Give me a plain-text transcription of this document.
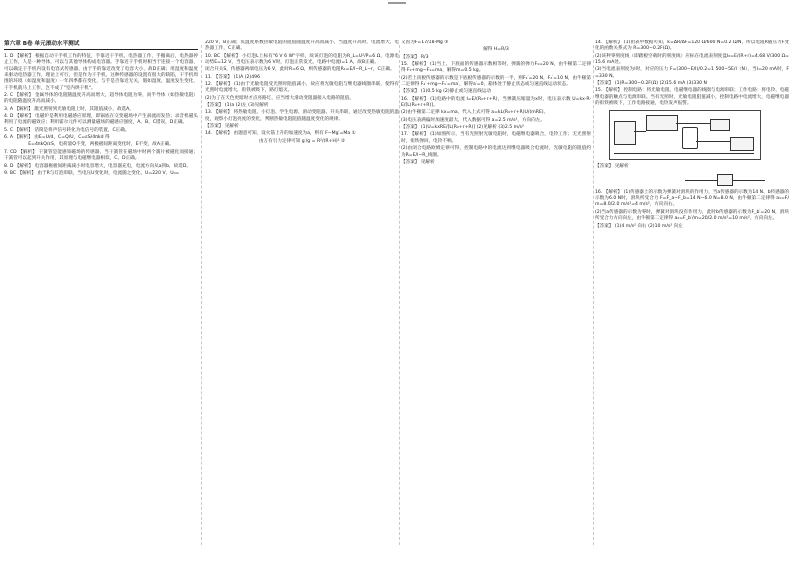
第六章 B卷 单元滚动水平测试

1. D 【解析】 根据自动干手机工作的特征，手靠近干手机，电热器工作，手撤离后，电热器停止工作，人是一种导体，可以与其他导体构成电容器。手靠近干手机时相当于连接一个电容器，可以确定干手机内设有电容式传感器，由于手的靠近改变了电容大小，故D正确；用湿度和温度来驱动电热器工作，理论上可行，但是作为干手机，这种传感器的设置有很大的缺陷，干手机周围的环境（如湿度和温度）一年四季都在变化，与手是否靠近无关，假如湿度、温度发生变化，干手机就马上工作，岂不成了"室内烘干机"。

2. C 【解析】 金属导体的电阻随温度升高而增大，超导体电阻为零，而半导体（如热敏电阻）的电阻随温度升高而减小。

3. A 【解析】 激光照射到光敏电阻上时，其阻值减小，故选A。

4. D 【解析】 电磁炉是利用电磁感应原理，即锅底在交变磁场中产生涡流而发热；录音机磁头利用了电流的磁效应；利用霍尔元件可以测量磁场的磁感应强度，A、B、C错误，D正确。

5. C 【解析】 话筒是将声信号转化为电信号的装置，C正确。

6. A 【解析】 由E=U/d，C=Q/U，C=εS/4πkd 得

E=4πkQ/εS，电荷量Q不变，两极板间距离变化时，E不变，故A正确。

7. CD 【解析】 干簧管是能感知磁场的传感器，当干簧管在磁场中时两个簧片被磁化而接通；干簧管可以起到开关作用，其原理与电磁继电器相似，C、D正确。

8. D 【解析】 电容器极板间距离减小时电容增大，电容器充电，电流方向从a到b，故选D。

9. BC 【解析】 由于R与灯泡串联，当电压U变化时，电流随之变化，U=220 V，U₀=

220 V，B正确；负温度系数热敏电阻的阻值随温度升高而减小，当温度升高时，电流增大，电热器工作，C正确。

10. BC 【解析】 小灯泡L上标有"6 V 6 W"字样，故该灯泡的电阻为R_L=U²/P=6 Ω，电源电动势E=12 V，当电压表示数为6 V时，灯泡正常发光，电路中电流I=1 A，故B正确。

闭合开关S，传感器两端电压为6 V，此时R=6 Ω，则传感器的电阻R₁=E/I−R_L−r，C正确。

11. 【答案】 (1)A (2)496

12. 【解析】 (1)由于光敏电阻受光照时阻值减小，故应将光敏电阻与继电器线圈串联，使得有光照时电流增大，衔铁被吸下，路灯熄灭。

(2)为了在天色更暗时才点亮路灯，应当增大滑动变阻器接入电路的阻值。

【答案】 (1)a (2)左 (3)见解析

13. 【解析】 将热敏电阻、小灯泡、学生电源、滑动变阻器、开关串联，通过改变热敏电阻的温度，观察小灯泡亮度的变化，判断热敏电阻阻值随温度变化的规律。

【答案】 见解析

14. 【解析】 由题意可知，设火箭上升的加速度为a，则有 F−Mg′=Ma ①

由万有引力定律可知 g′/g = R²/(R+H)² ②

又因为F=17/18·Mg ③

解得 H=R/3

【答案】 R/3

15. 【解析】 (1)当上、下底面的传感器示数相等时，弹簧的弹力F₁=20 N，由牛顿第二定律得 F₂+mg−F₁=ma，解得m=0.5 kg。

(2)若上顶板传感器的示数是下底板传感器的示数的一半，则F₁′=20 N，F₂′=10 N，由牛顿第二定律得 F₂′+mg−F₁′=ma′，解得a′=0，箱体处于静止状态或匀速直线运动状态。

【答案】 (1)0.5 kg (2)静止或匀速直线运动

16. 【解析】 (1)电路中的电流 I=E/(R₀+r+R)，当弹簧压缩量为x时，电压表示数 U=kx·R·E/[L(R₀+r+R)]。

(2)由牛顿第二定律 kx=ma，代入上式可得 a=kL(R₀+r+R)U/(mRE)。

(3)电压表满偏时加速度最大，代入数据可得 a=2.5 m/s²，方向向左。

【答案】 (1)U=kxRE/[L(R₀+r+R)] (2)见解析 (3)2.5 m/s²

17. 【解析】 (1)如图所示，当有光照射光敏电阻时，电磁继电器吸合，电铃工作；无光照射时，衔铁弹回，电铃不响。

(2)由闭合电路欧姆定律可得，控制电路中的电流达到继电器吸合电流时，光敏电阻的阻值约为R=E/I−R_线圈。

【答案】 见解析

14. 【解析】 (1)由表中数据可知，k=ΔR/ΔF=120 Ω/600 N=0.2 Ω/N，所以电阻R随压力F变化的函数关系式为 R=300−0.2F(Ω)。

(2)该秤零刻度线（即踏板空载时的刻度线）应标在电流表刻度盘I₀=E/(R+r)=4.68 V/300 Ω=15.6 mA处。

(3)当电流表刻度为I时，对应的压力 F=(300−E/I)/0.2=1 500−5E/I（N），当I=20 mA时，F=330 N。

【答案】 (1)R=300−0.2F(Ω) (2)15.6 mA (3)330 N

15. 【解析】 控制电路：将光敏电阻、电磁继电器的线圈与电源串联；工作电路：将电铃、电磁继电器的触点与电源串联。当有光照时，光敏电阻阻值减小，控制电路中电流增大，电磁继电器的衔铁被吸下，工作电路接通，电铃发声报警。

【答案】 见解析

16. 【解析】 (1)传感器上的示数为弹簧对滑块的作用力，当a传感器的示数为14 N、b传感器的示数为6.0 N时，滑块所受合力 F=F_a−F_b=14 N−6.0 N=8.0 N，由牛顿第二定律得 a₁=F/m=8.0/2.0 m/s²=4 m/s²，方向向右。

(2)当a传感器的示数为零时，弹簧对滑块没有作用力，此时b传感器的示数为F_b′=20 N，滑块所受合力方向向左，由牛顿第二定律得 a₂=F_b′/m=20/2.0 m/s²=10 m/s²，方向向左。

【答案】 (1)4 m/s² 向右 (2)10 m/s² 向左
